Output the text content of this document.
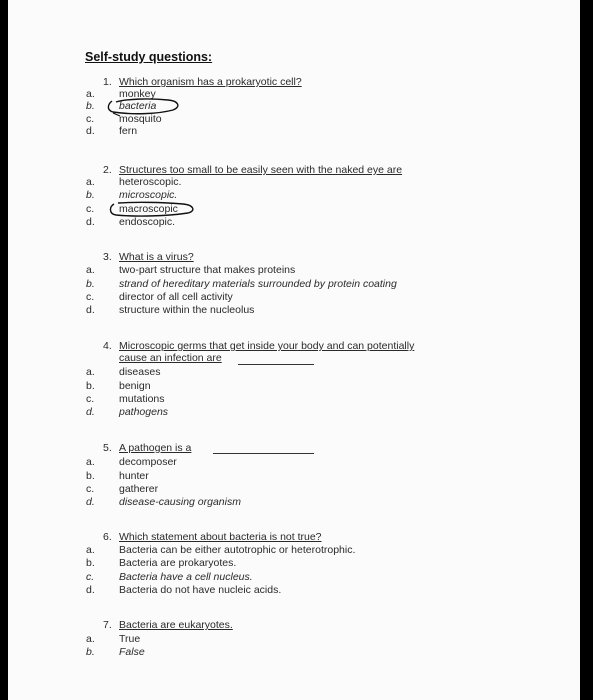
Self-study questions:
1. Which organism has a prokaryotic cell?
a.	monkey
b.	bacteria
c.	mosquito
d.	fern
2. Structures too small to be easily seen with the naked eye are
a.	heteroscopic.
b.	microscopic.
c.	macroscopic
d.	endoscopic.
3. What is a virus?
a.	two-part structure that makes proteins
b.	strand of hereditary materials surrounded by protein coating
c.	director of all cell activity
d.	structure within the nucleolus
4. Microscopic germs that get inside your body and can potentially
cause an infection are
a.	diseases
b.	benign
c.	mutations
d.	pathogens
5. A pathogen is a
a.	decomposer
b.	hunter
c.	gatherer
d.	disease-causing organism
6. Which statement about bacteria is not true?
a.	Bacteria can be either autotrophic or heterotrophic.
b.	Bacteria are prokaryotes.
c.	Bacteria have a cell nucleus.
d.	Bacteria do not have nucleic acids.
7. Bacteria are eukaryotes.
a.	True
b.	False
